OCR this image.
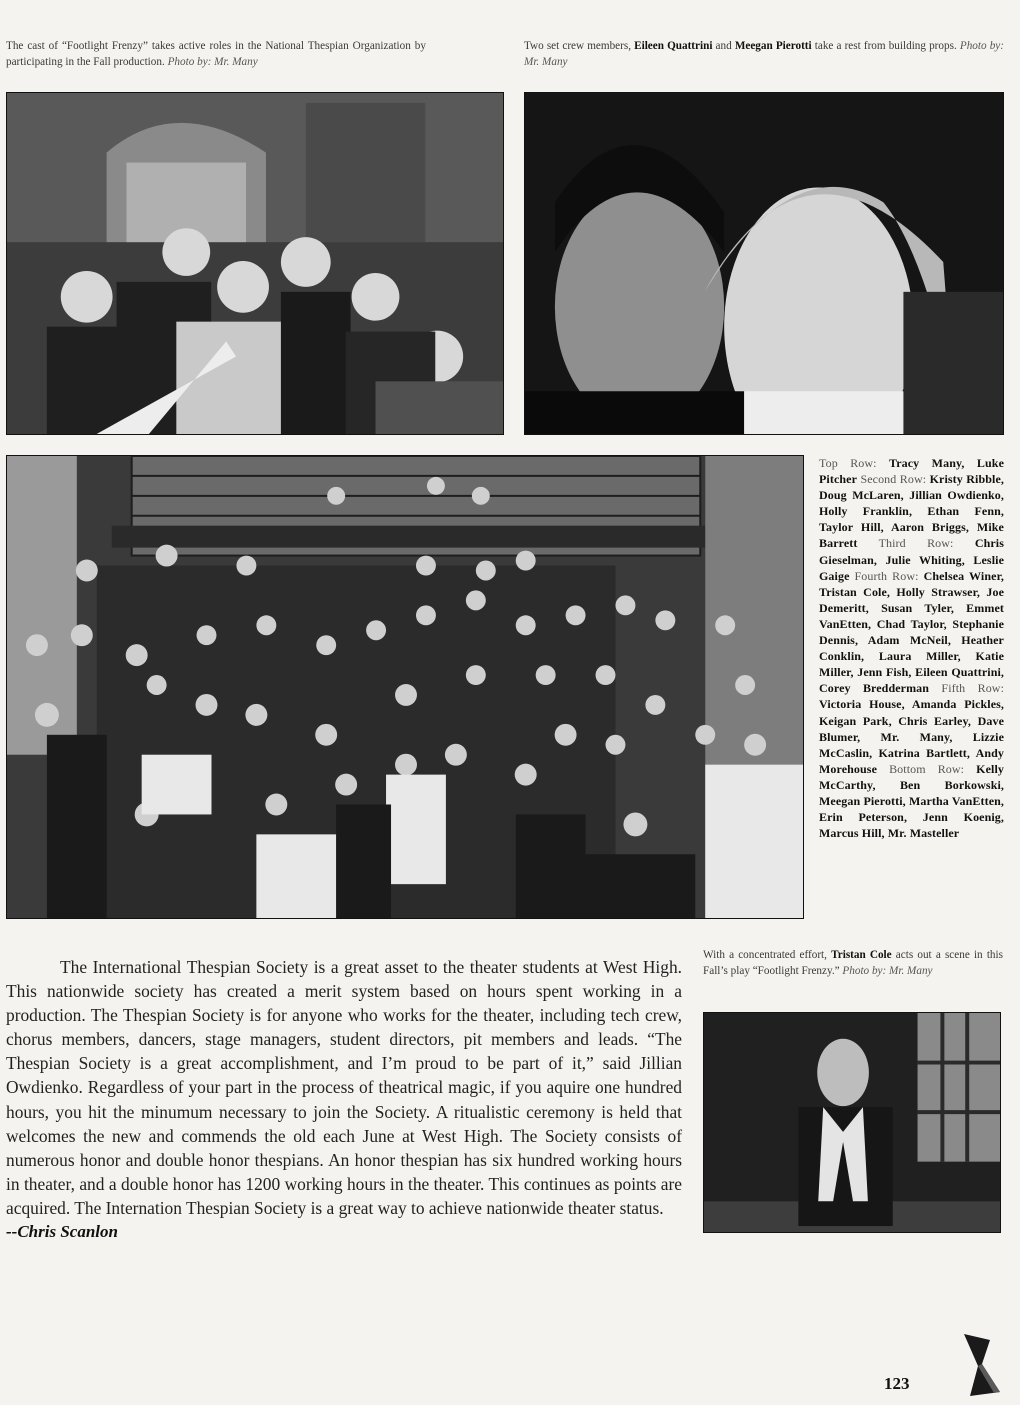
The cast of “Footlight Frenzy” takes active roles in the National Thespian Organization by participating in the Fall production. Photo by: Mr. Many
Two set crew members, Eileen Quattrini and Meegan Pierotti take a rest from building props. Photo by: Mr. Many
Top Row: Tracy Many, Luke Pitcher Second Row: Kristy Ribble, Doug McLaren, Jillian Owdienko, Holly Franklin, Ethan Fenn, Taylor Hill, Aaron Briggs, Mike Barrett Third Row: Chris Gieselman, Julie Whiting, Leslie Gaige Fourth Row: Chelsea Winer, Tristan Cole, Holly Strawser, Joe Demeritt, Susan Tyler, Emmet VanEtten, Chad Taylor, Stephanie Dennis, Adam McNeil, Heather Conklin, Laura Miller, Katie Miller, Jenn Fish, Eileen Quattrini, Corey Bredderman Fifth Row: Victoria House, Amanda Pickles, Keigan Park, Chris Earley, Dave Blumer, Mr. Many, Lizzie McCaslin, Katrina Bartlett, Andy Morehouse Bottom Row: Kelly McCarthy, Ben Borkowski, Meegan Pierotti, Martha VanEtten, Erin Peterson, Jenn Koenig, Marcus Hill, Mr. Masteller

The International Thespian Society is a great asset to the theater students at West High. This nationwide society has created a merit system based on hours spent working in a production. The Thespian Society is for anyone who works for the theater, including tech crew, chorus members, dancers, stage managers, student directors, pit members and leads. “The Thespian Society is a great accomplishment, and I’m proud to be part of it,” said Jillian Owdienko. Regardless of your part in the process of theatrical magic, if you aquire one hundred hours, you hit the minumum necessary to join the Society. A ritualistic ceremony is held that welcomes the new and commends the old each June at West High. The Society consists of numerous honor and double honor thespians. An honor thespian has six hundred working hours in theater, and a double honor has 1200 working hours in the theater. This continues as points are acquired. The Internation Thespian Society is a great way to achieve nationwide theater status.

--Chris Scanlon
With a concentrated effort, Tristan Cole acts out a scene in this Fall’s play “Footlight Frenzy.” Photo by: Mr. Many
123
